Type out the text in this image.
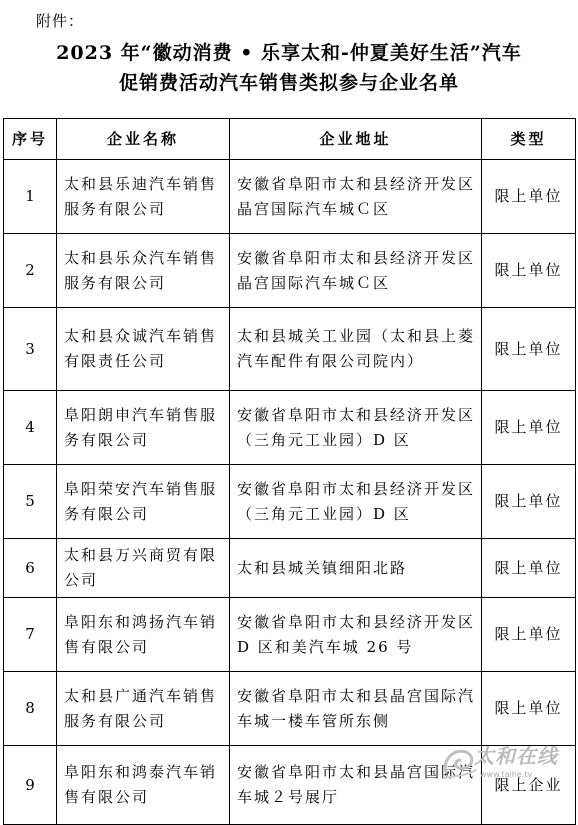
附件：
2023 年“徽动消费 • 乐享太和-仲夏美好生活”汽车
促销费活动汽车销售类拟参与企业名单
序号	企业名称	企业地址	类型
1	太和县乐迪汽车销售服务有限公司	安徽省阜阳市太和县经济开发区晶宫国际汽车城Ｃ区	限上单位
2	太和县乐众汽车销售服务有限公司	安徽省阜阳市太和县经济开发区晶宫国际汽车城Ｃ区	限上单位
3	太和县众诚汽车销售有限责任公司	太和县城关工业园（太和县上菱汽车配件有限公司院内）	限上单位
4	阜阳朗申汽车销售服务有限公司	安徽省阜阳市太和县经济开发区（三角元工业园）D 区	限上单位
5	阜阳荣安汽车销售服务有限公司	安徽省阜阳市太和县经济开发区（三角元工业园）D 区	限上单位
6	太和县万兴商贸有限公司	太和县城关镇细阳北路	限上单位
7	阜阳东和鸿扬汽车销售有限公司	安徽省阜阳市太和县经济开发区 D 区和美汽车城 26 号	限上单位
8	太和县广通汽车销售服务有限公司	安徽省阜阳市太和县晶宫国际汽车城一楼车管所东侧	限上单位
9	阜阳东和鸿泰汽车销售有限公司	安徽省阜阳市太和县晶宫国际汽车城２号展厅	限上企业
太和在线
www.taihe.tv
